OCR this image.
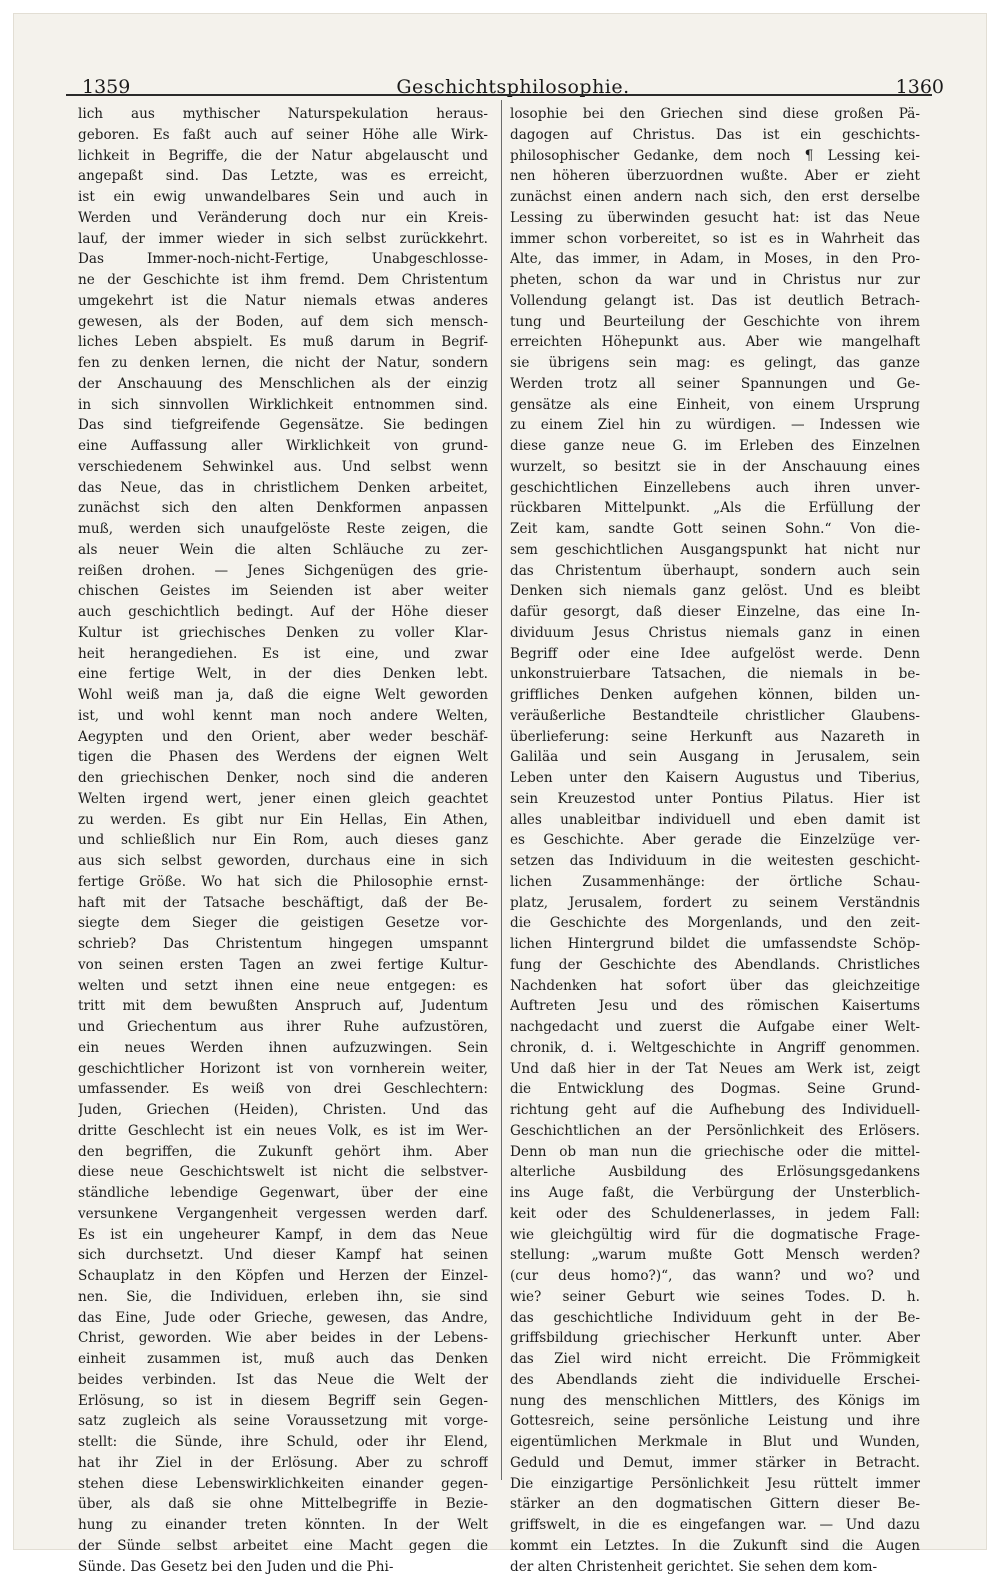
1359	Geschichtsphilosophie.	1360
lich aus mythischer Naturspekulation heraus-
geboren. Es faßt auch auf seiner Höhe alle Wirk-
lichkeit in Begriffe, die der Natur abgelauscht und
angepaßt sind. Das Letzte, was es erreicht,
ist ein ewig unwandelbares Sein und auch in
Werden und Veränderung doch nur ein Kreis-
lauf, der immer wieder in sich selbst zurückkehrt.
Das Immer-noch-nicht-Fertige, Unabgeschlosse-
ne der Geschichte ist ihm fremd. Dem Christentum
umgekehrt ist die Natur niemals etwas anderes
gewesen, als der Boden, auf dem sich mensch-
liches Leben abspielt. Es muß darum in Begrif-
fen zu denken lernen, die nicht der Natur, sondern
der Anschauung des Menschlichen als der einzig
in sich sinnvollen Wirklichkeit entnommen sind.
Das sind tiefgreifende Gegensätze. Sie bedingen
eine Auffassung aller Wirklichkeit von grund-
verschiedenem Sehwinkel aus. Und selbst wenn
das Neue, das in christlichem Denken arbeitet,
zunächst sich den alten Denkformen anpassen
muß, werden sich unaufgelöste Reste zeigen, die
als neuer Wein die alten Schläuche zu zer-
reißen drohen. — Jenes Sichgenügen des grie-
chischen Geistes im Seienden ist aber weiter
auch geschichtlich bedingt. Auf der Höhe dieser
Kultur ist griechisches Denken zu voller Klar-
heit herangediehen. Es ist eine, und zwar
eine fertige Welt, in der dies Denken lebt.
Wohl weiß man ja, daß die eigne Welt geworden
ist, und wohl kennt man noch andere Welten,
Aegypten und den Orient, aber weder beschäf-
tigen die Phasen des Werdens der eignen Welt
den griechischen Denker, noch sind die anderen
Welten irgend wert, jener einen gleich geachtet
zu werden. Es gibt nur Ein Hellas, Ein Athen,
und schließlich nur Ein Rom, auch dieses ganz
aus sich selbst geworden, durchaus eine in sich
fertige Größe. Wo hat sich die Philosophie ernst-
haft mit der Tatsache beschäftigt, daß der Be-
siegte dem Sieger die geistigen Gesetze vor-
schrieb? Das Christentum hingegen umspannt
von seinen ersten Tagen an zwei fertige Kultur-
welten und setzt ihnen eine neue entgegen: es
tritt mit dem bewußten Anspruch auf, Judentum
und Griechentum aus ihrer Ruhe aufzustören,
ein neues Werden ihnen aufzuzwingen. Sein
geschichtlicher Horizont ist von vornherein weiter,
umfassender. Es weiß von drei Geschlechtern:
Juden, Griechen (Heiden), Christen. Und das
dritte Geschlecht ist ein neues Volk, es ist im Wer-
den begriffen, die Zukunft gehört ihm. Aber
diese neue Geschichtswelt ist nicht die selbstver-
ständliche lebendige Gegenwart, über der eine
versunkene Vergangenheit vergessen werden darf.
Es ist ein ungeheurer Kampf, in dem das Neue
sich durchsetzt. Und dieser Kampf hat seinen
Schauplatz in den Köpfen und Herzen der Einzel-
nen. Sie, die Individuen, erleben ihn, sie sind
das Eine, Jude oder Grieche, gewesen, das Andre,
Christ, geworden. Wie aber beides in der Lebens-
einheit zusammen ist, muß auch das Denken
beides verbinden. Ist das Neue die Welt der
Erlösung, so ist in diesem Begriff sein Gegen-
satz zugleich als seine Voraussetzung mit vorge-
stellt: die Sünde, ihre Schuld, oder ihr Elend,
hat ihr Ziel in der Erlösung. Aber zu schroff
stehen diese Lebenswirklichkeiten einander gegen-
über, als daß sie ohne Mittelbegriffe in Bezie-
hung zu einander treten könnten. In der Welt
der Sünde selbst arbeitet eine Macht gegen die
Sünde. Das Gesetz bei den Juden und die Phi-
losophie bei den Griechen sind diese großen Pä-
dagogen auf Christus. Das ist ein geschichts-
philosophischer Gedanke, dem noch ¶ Lessing kei-
nen höheren überzuordnen wußte. Aber er zieht
zunächst einen andern nach sich, den erst derselbe
Lessing zu überwinden gesucht hat: ist das Neue
immer schon vorbereitet, so ist es in Wahrheit das
Alte, das immer, in Adam, in Moses, in den Pro-
pheten, schon da war und in Christus nur zur
Vollendung gelangt ist. Das ist deutlich Betrach-
tung und Beurteilung der Geschichte von ihrem
erreichten Höhepunkt aus. Aber wie mangelhaft
sie übrigens sein mag: es gelingt, das ganze
Werden trotz all seiner Spannungen und Ge-
gensätze als eine Einheit, von einem Ursprung
zu einem Ziel hin zu würdigen. — Indessen wie
diese ganze neue G. im Erleben des Einzelnen
wurzelt, so besitzt sie in der Anschauung eines
geschichtlichen Einzellebens auch ihren unver-
rückbaren Mittelpunkt. „Als die Erfüllung der
Zeit kam, sandte Gott seinen Sohn.“ Von die-
sem geschichtlichen Ausgangspunkt hat nicht nur
das Christentum überhaupt, sondern auch sein
Denken sich niemals ganz gelöst. Und es bleibt
dafür gesorgt, daß dieser Einzelne, das eine In-
dividuum Jesus Christus niemals ganz in einen
Begriff oder eine Idee aufgelöst werde. Denn
unkonstruierbare Tatsachen, die niemals in be-
griffliches Denken aufgehen können, bilden un-
veräußerliche Bestandteile christlicher Glaubens-
überlieferung: seine Herkunft aus Nazareth in
Galiläa und sein Ausgang in Jerusalem, sein
Leben unter den Kaisern Augustus und Tiberius,
sein Kreuzestod unter Pontius Pilatus. Hier ist
alles unableitbar individuell und eben damit ist
es Geschichte. Aber gerade die Einzelzüge ver-
setzen das Individuum in die weitesten geschicht-
lichen Zusammenhänge: der örtliche Schau-
platz, Jerusalem, fordert zu seinem Verständnis
die Geschichte des Morgenlands, und den zeit-
lichen Hintergrund bildet die umfassendste Schöp-
fung der Geschichte des Abendlands. Christliches
Nachdenken hat sofort über das gleichzeitige
Auftreten Jesu und des römischen Kaisertums
nachgedacht und zuerst die Aufgabe einer Welt-
chronik, d. i. Weltgeschichte in Angriff genommen.
Und daß hier in der Tat Neues am Werk ist, zeigt
die Entwicklung des Dogmas. Seine Grund-
richtung geht auf die Aufhebung des Individuell-
Geschichtlichen an der Persönlichkeit des Erlösers.
Denn ob man nun die griechische oder die mittel-
alterliche Ausbildung des Erlösungsgedankens
ins Auge faßt, die Verbürgung der Unsterblich-
keit oder des Schuldenerlasses, in jedem Fall:
wie gleichgültig wird für die dogmatische Frage-
stellung: „warum mußte Gott Mensch werden?
(cur deus homo?)“, das wann? und wo? und
wie? seiner Geburt wie seines Todes. D. h.
das geschichtliche Individuum geht in der Be-
griffsbildung griechischer Herkunft unter. Aber
das Ziel wird nicht erreicht. Die Frömmigkeit
des Abendlands zieht die individuelle Erschei-
nung des menschlichen Mittlers, des Königs im
Gottesreich, seine persönliche Leistung und ihre
eigentümlichen Merkmale in Blut und Wunden,
Geduld und Demut, immer stärker in Betracht.
Die einzigartige Persönlichkeit Jesu rüttelt immer
stärker an den dogmatischen Gittern dieser Be-
griffswelt, in die es eingefangen war. — Und dazu
kommt ein Letztes. In die Zukunft sind die Augen
der alten Christenheit gerichtet. Sie sehen dem kom-
